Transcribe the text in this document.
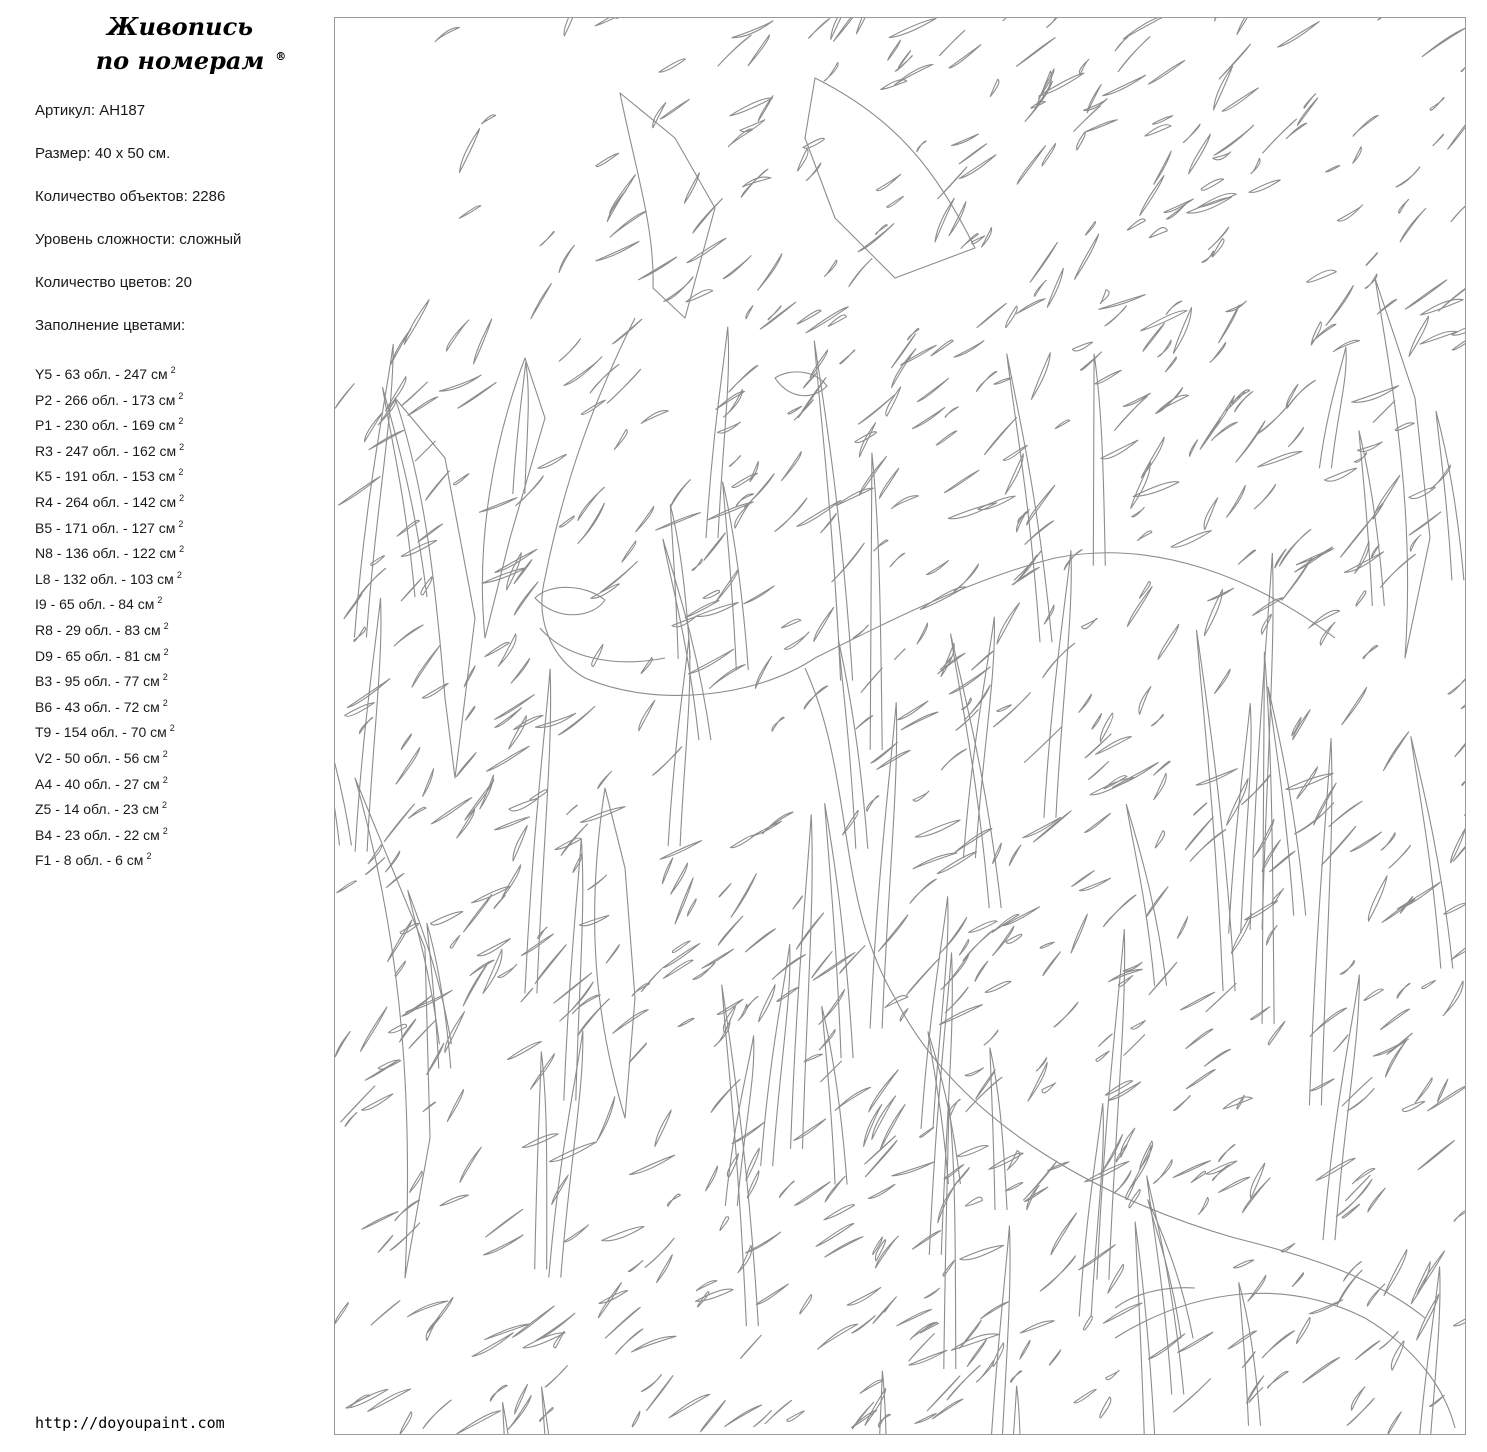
Живопись
по номерам ®

Артикул: АН187

Размер: 40 х 50 см.

Количество объектов: 2286

Уровень сложности: сложный

Количество цветов: 20

Заполнение цветами:

Y5 - 63 обл. - 247 см $^2$
P2 - 266 обл. - 173 см $^2$
P1 - 230 обл. - 169 см $^2$
R3 - 247 обл. - 162 см $^2$
K5 - 191 обл. - 153 см $^2$
R4 - 264 обл. - 142 см $^2$
B5 - 171 обл. - 127 см $^2$
N8 - 136 обл. - 122 см $^2$
L8 - 132 обл. - 103 см $^2$
I9 - 65 обл. - 84 см $^2$
R8 - 29 обл. - 83 см $^2$
D9 - 65 обл. - 81 см $^2$
B3 - 95 обл. - 77 см $^2$
B6 - 43 обл. - 72 см $^2$
T9 - 154 обл. - 70 см $^2$
V2 - 50 обл. - 56 см $^2$
A4 - 40 обл. - 27 см $^2$
Z5 - 14 обл. - 23 см $^2$
B4 - 23 обл. - 22 см $^2$
F1 - 8 обл. - 6 см $^2$
http://doyoupaint.com
